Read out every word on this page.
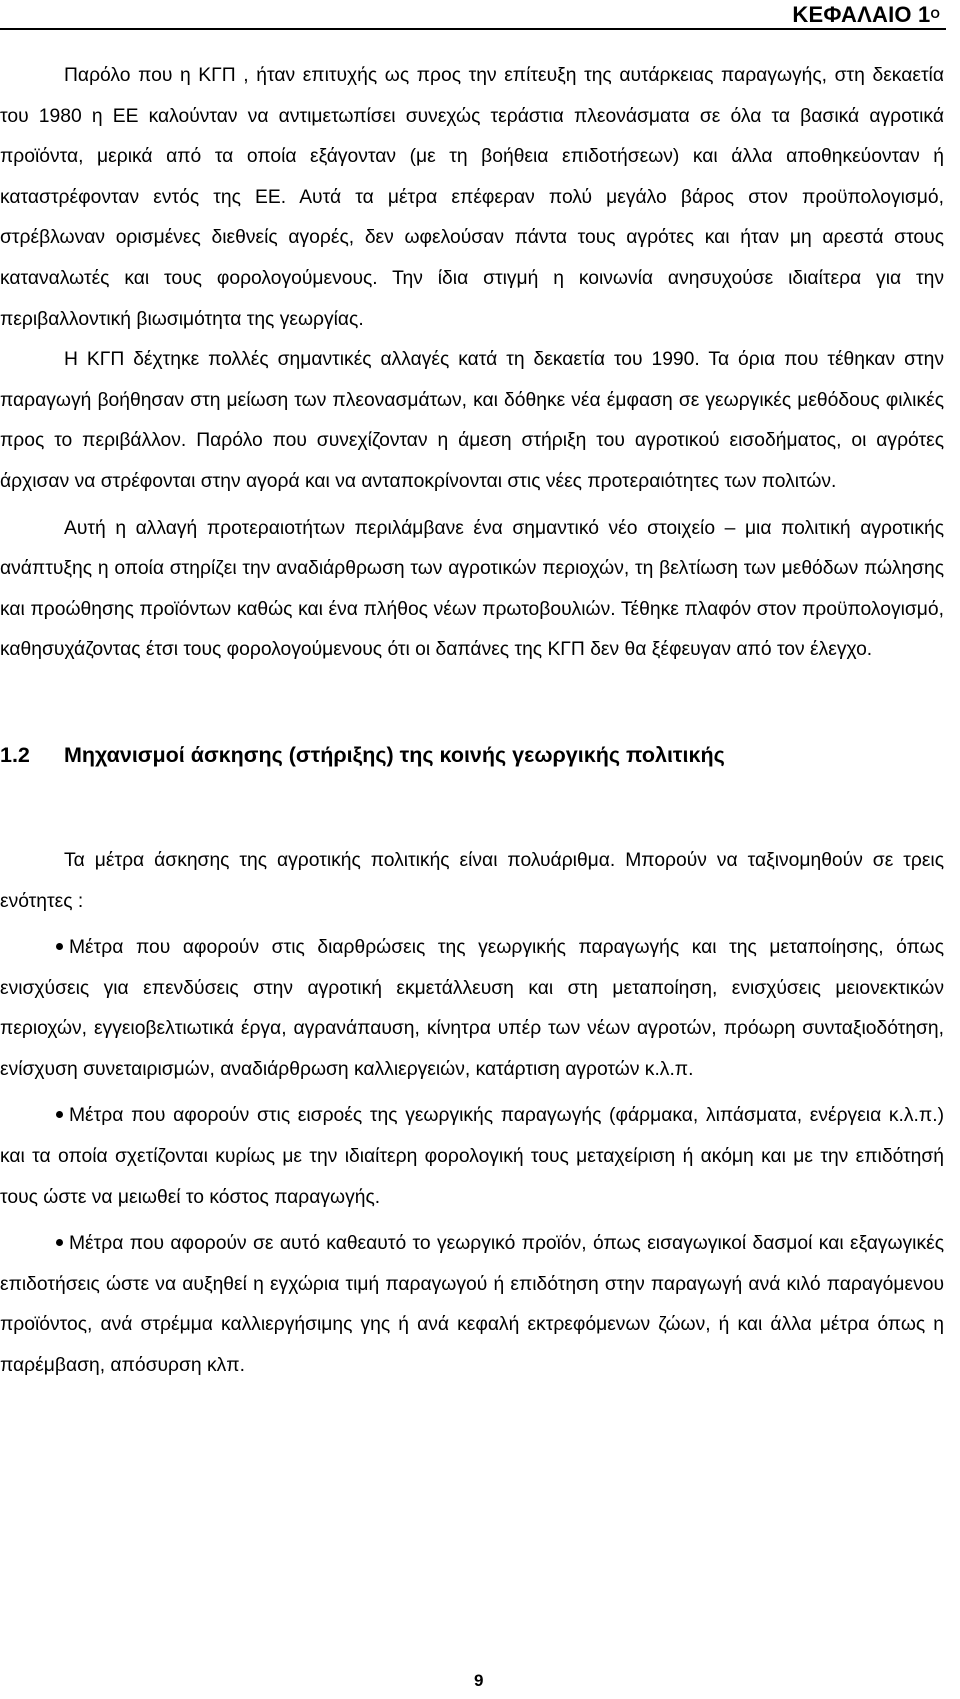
ΚΕΦΑΛΑΙΟ $1^O$

Παρόλο που η ΚΓΠ , ήταν επιτυχής ως προς την επίτευξη της αυτάρκειας παραγωγής, στη δεκαετία του 1980 η ΕΕ καλούνταν να αντιμετωπίσει συνεχώς τεράστια πλεονάσματα σε όλα τα βασικά αγροτικά προϊόντα, μερικά από τα οποία εξάγονταν (με τη βοήθεια επιδοτήσεων) και άλλα αποθηκεύονταν ή καταστρέφονταν εντός της ΕΕ. Αυτά τα μέτρα επέφεραν πολύ μεγάλο βάρος στον προϋπολογισμό, στρέβλωναν ορισμένες διεθνείς αγορές, δεν ωφελούσαν πάντα τους αγρότες και ήταν μη αρεστά στους καταναλωτές και τους φορολογούμενους. Την ίδια στιγμή η κοινωνία ανησυχούσε ιδιαίτερα για την περιβαλλοντική βιωσιμότητα της γεωργίας.

Η ΚΓΠ δέχτηκε πολλές σημαντικές αλλαγές κατά τη δεκαετία του 1990. Τα όρια που τέθηκαν στην παραγωγή βοήθησαν στη μείωση των πλεονασμάτων, και δόθηκε νέα έμφαση σε γεωργικές μεθόδους φιλικές προς το περιβάλλον. Παρόλο που συνεχίζονταν η άμεση στήριξη του αγροτικού εισοδήματος, οι αγρότες άρχισαν να στρέφονται στην αγορά και να ανταποκρίνονται στις νέες προτεραιότητες των πολιτών.

Αυτή η αλλαγή προτεραιοτήτων περιλάμβανε ένα σημαντικό νέο στοιχείο – μια πολιτική αγροτικής ανάπτυξης η οποία στηρίζει την αναδιάρθρωση των αγροτικών περιοχών, τη βελτίωση των μεθόδων πώλησης και προώθησης προϊόντων καθώς και ένα πλήθος νέων πρωτοβουλιών. Τέθηκε πλαφόν στον προϋπολογισμό, καθησυχάζοντας έτσι τους φορολογούμενους ότι οι δαπάνες της ΚΓΠ δεν θα ξέφευγαν από τον έλεγχο.

1.2 Μηχανισμοί άσκησης (στήριξης) της κοινής γεωργικής πολιτικής

Τα μέτρα άσκησης της αγροτικής πολιτικής είναι πολυάριθμα. Μπορούν να ταξινομηθούν σε τρεις ενότητες :

Μέτρα που αφορούν στις διαρθρώσεις της γεωργικής παραγωγής και της μεταποίησης, όπως ενισχύσεις για επενδύσεις στην αγροτική εκμετάλλευση και στη μεταποίηση, ενισχύσεις μειονεκτικών περιοχών, εγγειοβελτιωτικά έργα, αγρανάπαυση, κίνητρα υπέρ των νέων αγροτών, πρόωρη συνταξιοδότηση, ενίσχυση συνεταιρισμών, αναδιάρθρωση καλλιεργειών, κατάρτιση αγροτών κ.λ.π.

Μέτρα που αφορούν στις εισροές της γεωργικής παραγωγής (φάρμακα, λιπάσματα, ενέργεια κ.λ.π.) και τα οποία σχετίζονται κυρίως με την ιδιαίτερη φορολογική τους μεταχείριση ή ακόμη και με την επιδότησή τους ώστε να μειωθεί το κόστος παραγωγής.

Μέτρα που αφορούν σε αυτό καθεαυτό το γεωργικό προϊόν, όπως εισαγωγικοί δασμοί και εξαγωγικές επιδοτήσεις ώστε να αυξηθεί η εγχώρια τιμή παραγωγού ή επιδότηση στην παραγωγή ανά κιλό παραγόμενου προϊόντος, ανά στρέμμα καλλιεργήσιμης γης ή ανά κεφαλή εκτρεφόμενων ζώων, ή και άλλα μέτρα όπως η παρέμβαση, απόσυρση κλπ.

9
